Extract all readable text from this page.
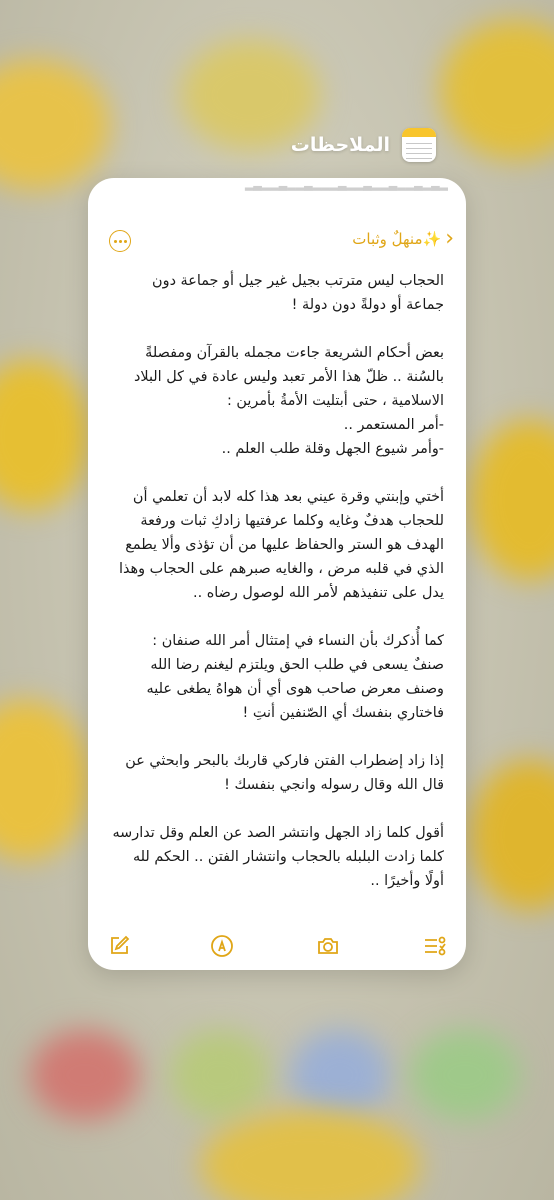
الملاحظات
▂▃▂▃▂▂▃▂▂▃▂▂▃▂▂▂▃▂▂▃▂▂▃▂
منهلٌ وثبات✨ ›
الحجاب ليس مترتب بجيل غير جيل أو جماعة دون
جماعة أو دولةً دون دولة !
بعض أحكام الشريعة جاءت مجمله بالقرآن ومفصلةً
بالسُنة .. ظلّ هذا الأمر تعبد وليس عادة في كل البلاد
الاسلامية ، حتى أبتليت الأمةُ بأمرين :
-أمر المستعمر ..
-وأمر شيوع الجهل وقلة طلب العلم ..
أختي وإبنتي وقرة عيني بعد هذا كله لابد أن تعلمي أن
للحجاب هدفٌ وغايه وكلما عرفتيها زادكِ ثبات ورفعة
الهدف هو الستر والحفاظ عليها من أن تؤذى وألا يطمع
الذي في قلبه مرض ، والغايه صبرهم على الحجاب وهذا
يدل على تنفيذهم لأمر الله لوصول رضاه ..
كما أُذكرك بأن النساء في إمتثال أمر الله صنفان :
صنفٌ يسعى في طلب الحق ويلتزم ليغنم رضا الله
وصنف معرض صاحب هوى أي أن هواهُ يطغى عليه
فاختاري بنفسك أي الصّنفين أنتِ !
إذا زاد إضطراب الفتن فاركي قاربك بالبحر وابحثي عن
قال الله وقال رسوله وانجي بنفسك !
أقول كلما زاد الجهل وانتشر الصد عن العلم وقل تدارسه
كلما زادت البلبله بالحجاب وانتشار الفتن .. الحكم لله
أولًا وأخيرًا ..
